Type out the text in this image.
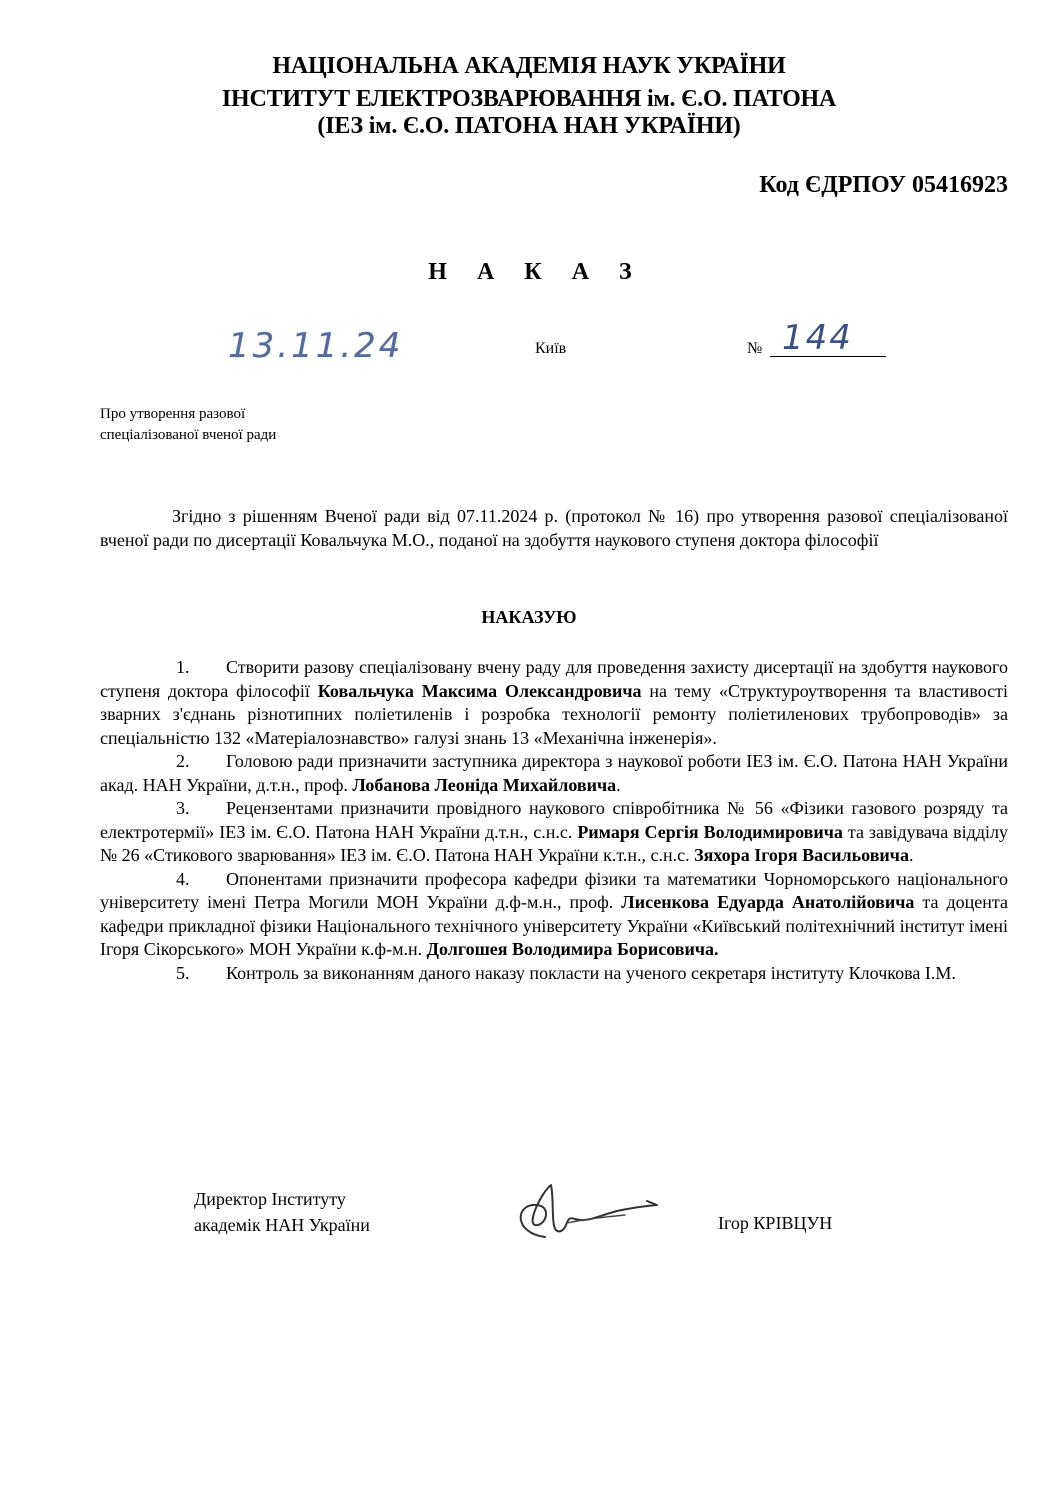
НАЦІОНАЛЬНА АКАДЕМІЯ НАУК УКРАЇНИ
ІНСТИТУТ ЕЛЕКТРОЗВАРЮВАННЯ ім. Є.О. ПАТОНА
(ІЕЗ ім. Є.О. ПАТОНА НАН УКРАЇНИ)
Код ЄДРПОУ 05416923
Н А К А З
13.11.24	Київ	№ 144
Про утворення разової
спеціалізованої вченої ради
Згідно з рішенням Вченої ради від 07.11.2024 р. (протокол № 16) про утворення разової спеціалізованої вченої ради по дисертації Ковальчука М.О., поданої на здобуття наукового ступеня доктора філософії
НАКАЗУЮ

1. Створити разову спеціалізовану вчену раду для проведення захисту дисертації на здобуття наукового ступеня доктора філософії Ковальчука Максима Олександровича на тему «Структуроутворення та властивості зварних з'єднань різнотипних поліетиленів і розробка технології ремонту поліетиленових трубопроводів» за спеціальністю 132 «Матеріалознавство» галузі знань 13 «Механічна інженерія».

2. Головою ради призначити заступника директора з наукової роботи ІЕЗ ім. Є.О. Патона НАН України акад. НАН України, д.т.н., проф. Лобанова Леоніда Михайловича.

3. Рецензентами призначити провідного наукового співробітника № 56 «Фізики газового розряду та електротермії» ІЕЗ ім. Є.О. Патона НАН України д.т.н., с.н.с. Римаря Сергія Володимировича та завідувача відділу № 26 «Стикового зварювання» ІЕЗ ім. Є.О. Патона НАН України к.т.н., с.н.с. Зяхора Ігоря Васильовича.

4. Опонентами призначити професора кафедри фізики та математики Чорноморського національного університету імені Петра Могили МОН України д.ф-м.н., проф. Лисенкова Едуарда Анатолійовича та доцента кафедри прикладної фізики Національного технічного університету України «Київський політехнічний інститут імені Ігоря Сікорського» МОН України к.ф-м.н. Долгошея Володимира Борисовича.

5. Контроль за виконанням даного наказу покласти на ученого секретаря інституту Клочкова І.М.

Директор Інституту
академік НАН України	Ігор КРІВЦУН
